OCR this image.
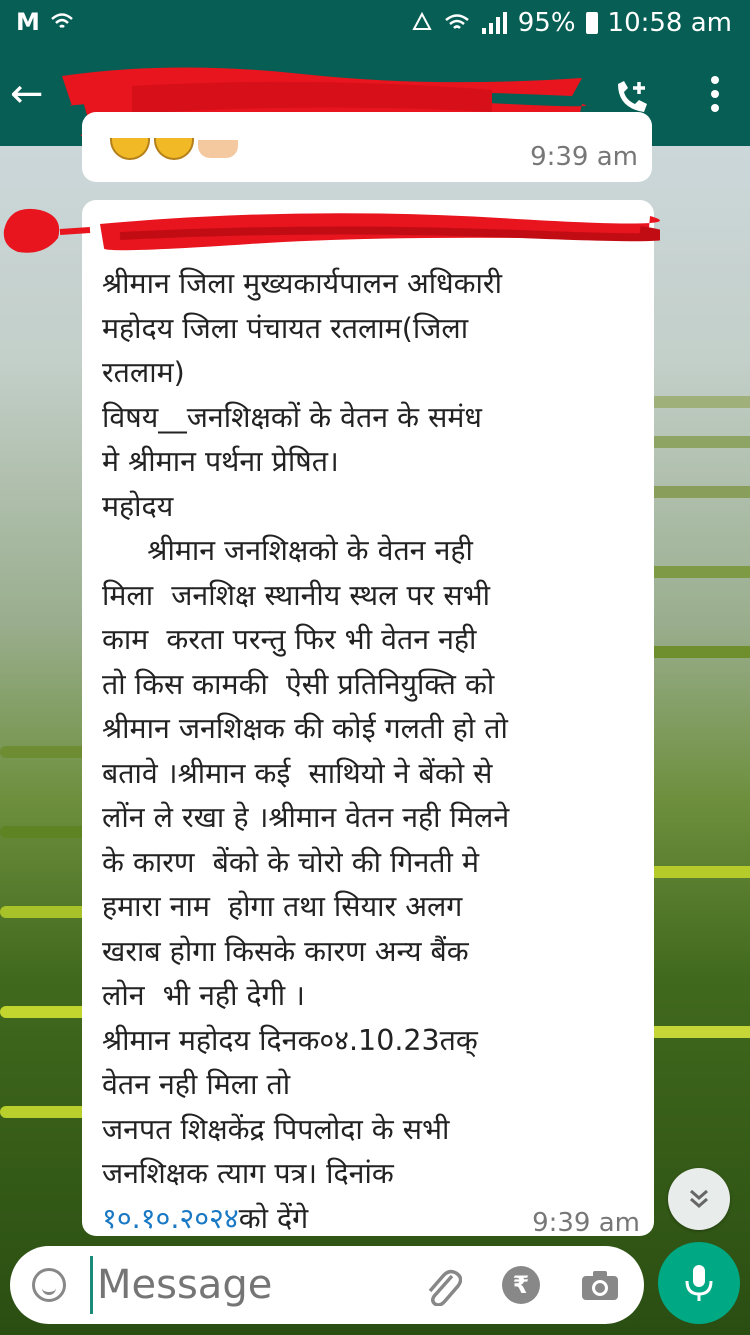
M	95% 10:58 am
←
9:39 am
श्रीमान जिला मुख्यकार्यपालन अधिकारी
महोदय जिला पंचायत रतलाम(जिला
रतलाम)
विषय__जनशिक्षकों के वेतन के समंध
मे श्रीमान पर्थना प्रेषित।
महोदय
श्रीमान जनशिक्षको के वेतन नही
मिला  जनशिक्ष स्थानीय स्थल पर सभी
काम  करता परन्तु फिर भी वेतन नही
तो किस कामकी  ऐसी प्रतिनियुक्ति को
श्रीमान जनशिक्षक की कोई गलती हो तो
बतावे ।श्रीमान कई  साथियो ने बेंको से
लोंन ले रखा हे ।श्रीमान वेतन नही मिलने
के कारण  बेंको के चोरो की गिनती मे
हमारा नाम  होगा तथा सियार अलग
खराब होगा किसके कारण अन्य बैंक
लोन  भी नही देगी ।
श्रीमान महोदय दिनक०४.10.23तक्
वेतन नही मिला तो
जनपत शिक्षकेंद्र पिपलोदा के सभी
जनशिक्षक त्याग पत्र। दिनांक
१०.१०.२०२४को देंगे	9:39 am
Message
₹
